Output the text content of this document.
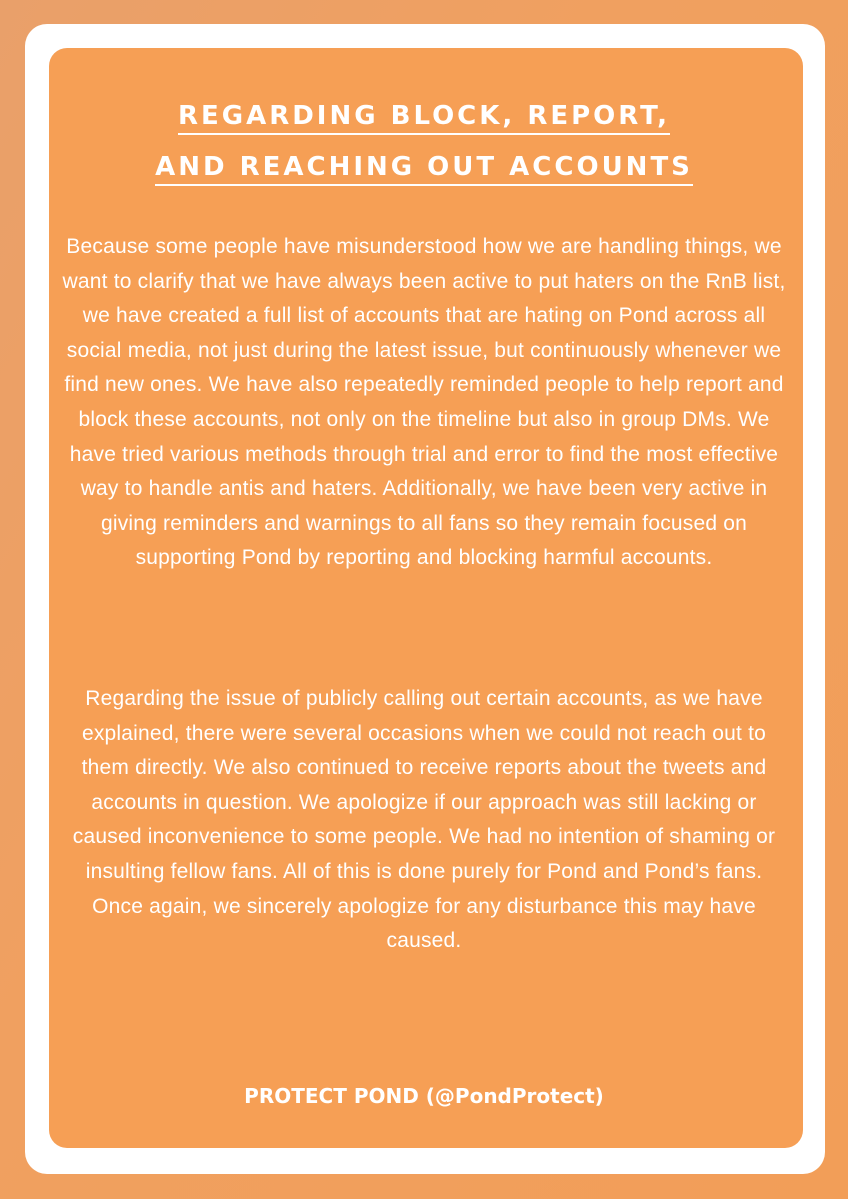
REGARDING BLOCK, REPORT,
AND REACHING OUT ACCOUNTS

Because some people have misunderstood how we are handling things, we want to clarify that we have always been active to put haters on the RnB list, we have created a full list of accounts that are hating on Pond across all social media, not just during the latest issue, but continuously whenever we find new ones. We have also repeatedly reminded people to help report and block these accounts, not only on the timeline but also in group DMs. We have tried various methods through trial and error to find the most effective way to handle antis and haters. Additionally, we have been very active in giving reminders and warnings to all fans so they remain focused on supporting Pond by reporting and blocking harmful accounts.

Regarding the issue of publicly calling out certain accounts, as we have explained, there were several occasions when we could not reach out to them directly. We also continued to receive reports about the tweets and accounts in question. We apologize if our approach was still lacking or caused inconvenience to some people. We had no intention of shaming or insulting fellow fans. All of this is done purely for Pond and Pond’s fans. Once again, we sincerely apologize for any disturbance this may have caused.

PROTECT POND (@PondProtect)
